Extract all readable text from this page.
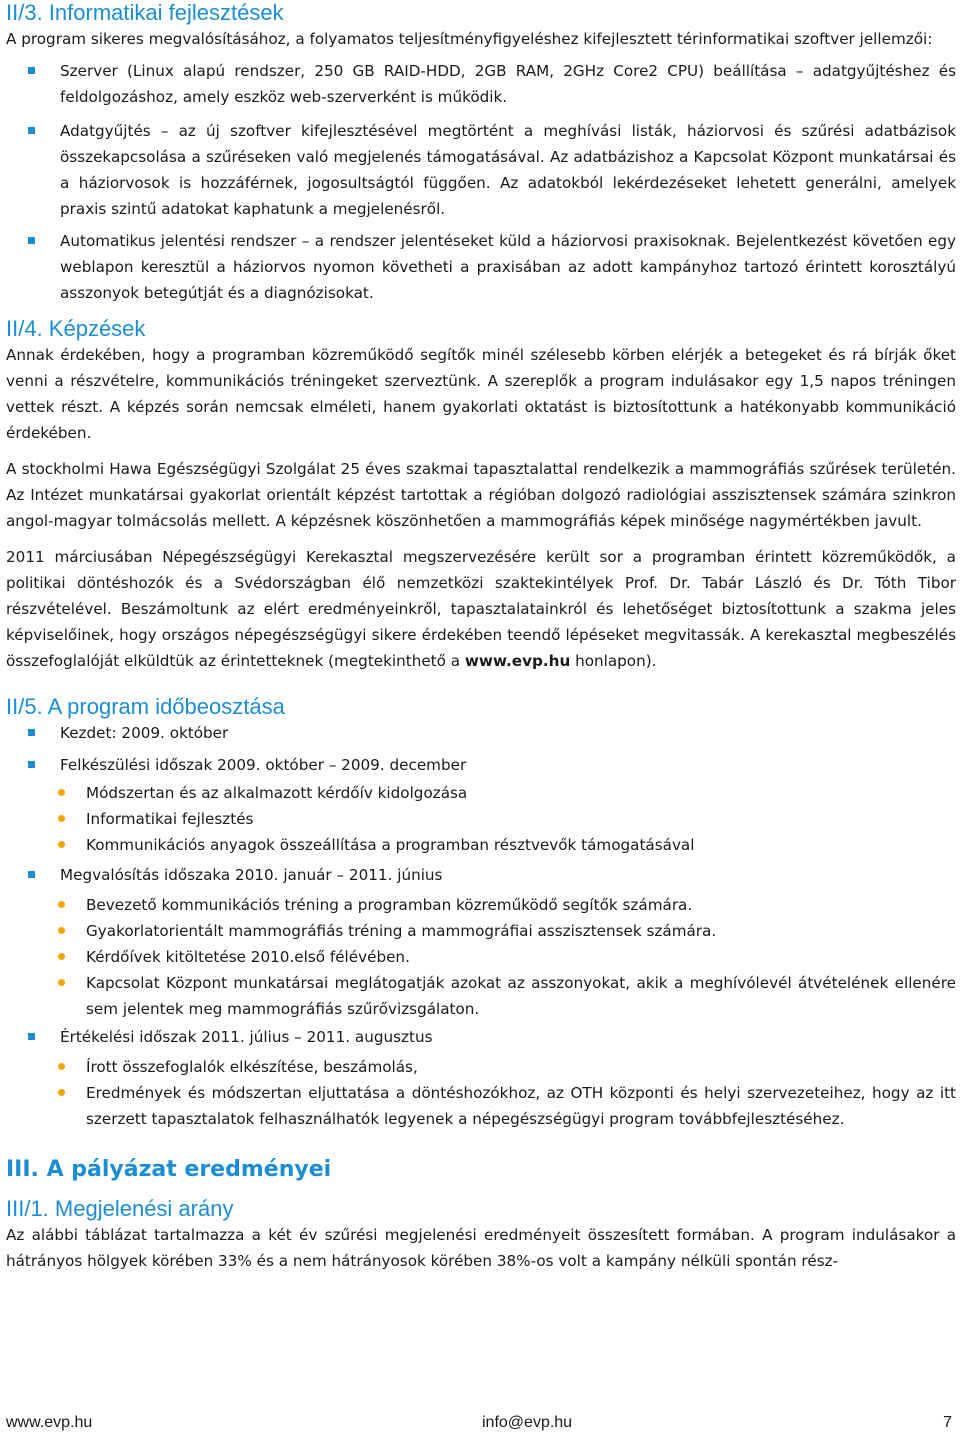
II/3. Informatikai fejlesztések

A program sikeres megvalósításához, a folyamatos teljesítményfigyeléshez kifejlesztett térinformatikai szoftver jellemzői:

Szerver (Linux alapú rendszer, 250 GB RAID-HDD, 2GB RAM, 2GHz Core2 CPU) beállítása – adatgyűjtéshez és feldolgozáshoz, amely eszköz web-szerverként is működik.
Adatgyűjtés – az új szoftver kifejlesztésével megtörtént a meghívási listák, háziorvosi és szűrési adatbázisok összekapcsolása a szűréseken való megjelenés támogatásával. Az adatbázishoz a Kapcsolat Központ munkatársai és a háziorvosok is hozzáférnek, jogosultságtól függően. Az adatokból lekérdezéseket lehetett generálni, amelyek praxis szintű adatokat kaphatunk a megjelenésről.
Automatikus jelentési rendszer – a rendszer jelentéseket küld a háziorvosi praxisoknak. Bejelentkezést követően egy weblapon keresztül a háziorvos nyomon követheti a praxisában az adott kampányhoz tartozó érintett korosztályú asszonyok betegútját és a diagnózisokat.
II/4. Képzések

Annak érdekében, hogy a programban közreműködő segítők minél szélesebb körben elérjék a betegeket és rá bírják őket venni a részvételre, kommunikációs tréningeket szerveztünk. A szereplők a program indulásakor egy 1,5 napos tréningen vettek részt. A képzés során nemcsak elméleti, hanem gyakorlati oktatást is biztosítottunk a hatékonyabb kommunikáció érdekében.

A stockholmi Hawa Egészségügyi Szolgálat 25 éves szakmai tapasztalattal rendelkezik a mammográfiás szűrések területén. Az Intézet munkatársai gyakorlat orientált képzést tartottak a régióban dolgozó radiológiai asszisztensek számára szinkron angol-magyar tolmácsolás mellett. A képzésnek köszönhetően a mammográfiás képek minősége nagymértékben javult.

2011 márciusában Népegészségügyi Kerekasztal megszervezésére került sor a programban érintett közreműködők, a politikai döntéshozók és a Svédországban élő nemzetközi szaktekintélyek Prof. Dr. Tabár László és Dr. Tóth Tibor részvételével. Beszámoltunk az elért eredményeinkről, tapasztalatainkról és lehetőséget biztosítottunk a szakma jeles képviselőinek, hogy országos népegészségügyi sikere érdekében teendő lépéseket megvitassák. A kerekasztal megbeszélés összefoglalóját elküldtük az érintetteknek (megtekinthető a www.evp.hu honlapon).

II/5. A program időbeosztása
Kezdet: 2009. október
Felkészülési időszak 2009. október – 2009. december
Módszertan és az alkalmazott kérdőív kidolgozása
Informatikai fejlesztés
Kommunikációs anyagok összeállítása a programban résztvevők támogatásával
Megvalósítás időszaka 2010. január – 2011. június
Bevezető kommunikációs tréning a programban közreműködő segítők számára.
Gyakorlatorientált mammográfiás tréning a mammográfiai asszisztensek számára.
Kérdőívek kitöltetése 2010.első félévében.
Kapcsolat Központ munkatársai meglátogatják azokat az asszonyokat, akik a meghívólevél átvételének ellenére sem jelentek meg mammográfiás szűrővizsgálaton.
Értékelési időszak 2011. július – 2011. augusztus
Írott összefoglalók elkészítése, beszámolás,
Eredmények és módszertan eljuttatása a döntéshozókhoz, az OTH központi és helyi szervezeteihez, hogy az itt szerzett tapasztalatok felhasználhatók legyenek a népegészségügyi program továbbfejlesztéséhez.
III. A pályázat eredményei
III/1. Megjelenési arány

Az alábbi táblázat tartalmazza a két év szűrési megjelenési eredményeit összesített formában. A program indulásakor a hátrányos hölgyek körében 33% és a nem hátrányosok körében 38%-os volt a kampány nélküli spontán rész-

www.evp.hu	info@evp.hu	7
